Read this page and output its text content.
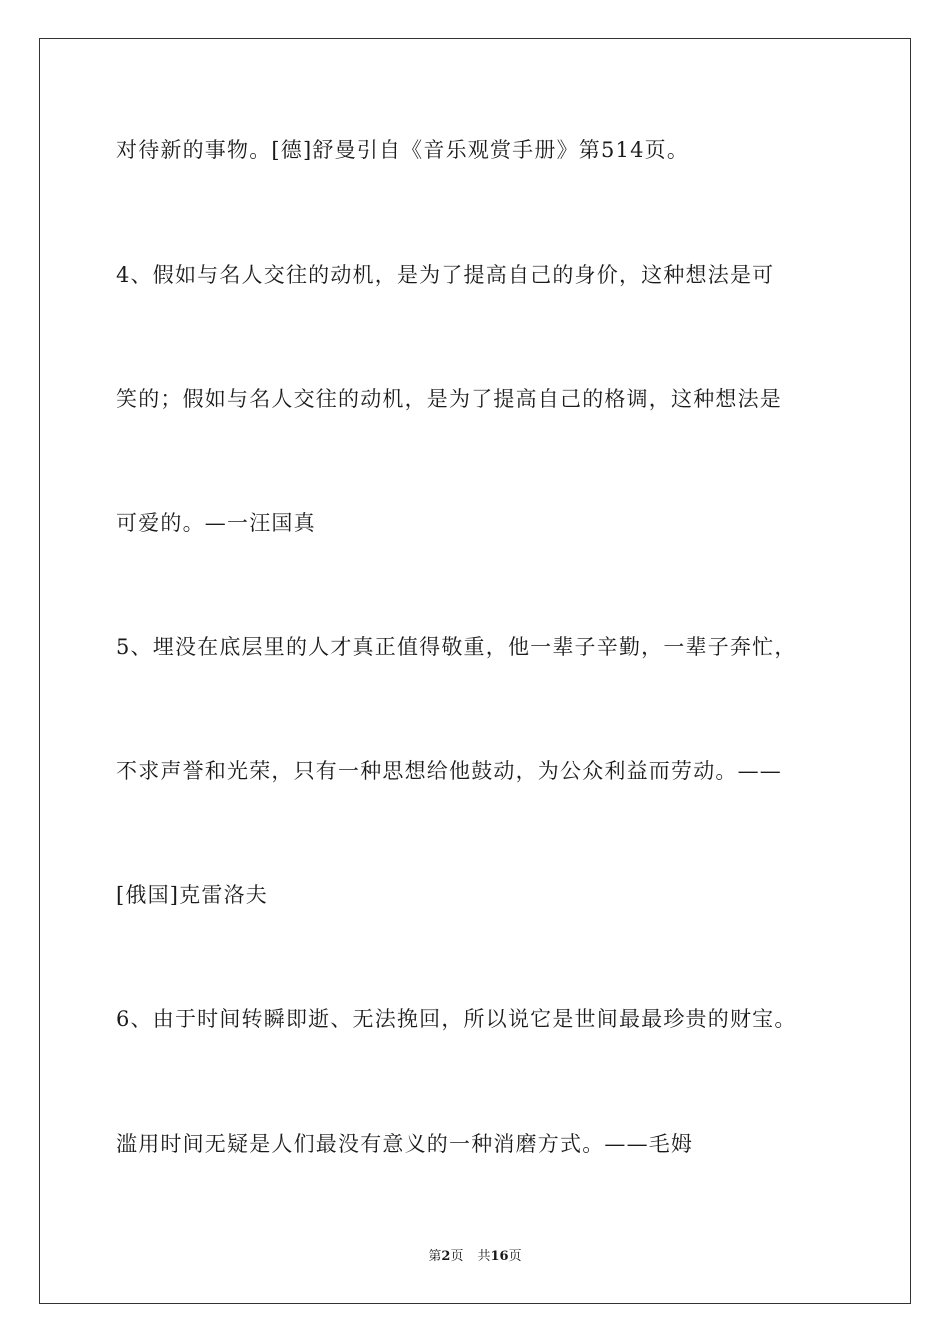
对待新的事物。[德]舒曼引自《音乐观赏手册》第514页。
4、假如与名人交往的动机，是为了提高自己的身价，这种想法是可
笑的；假如与名人交往的动机，是为了提高自己的格调，这种想法是
可爱的。—一汪国真
5、埋没在底层里的人才真正值得敬重，他一辈子辛勤，一辈子奔忙，
不求声誉和光荣，只有一种思想给他鼓动，为公众利益而劳动。——
[俄国]克雷洛夫
6、由于时间转瞬即逝、无法挽回，所以说它是世间最最珍贵的财宝。
滥用时间无疑是人们最没有意义的一种消磨方式。——毛姆
第2页 共16页
